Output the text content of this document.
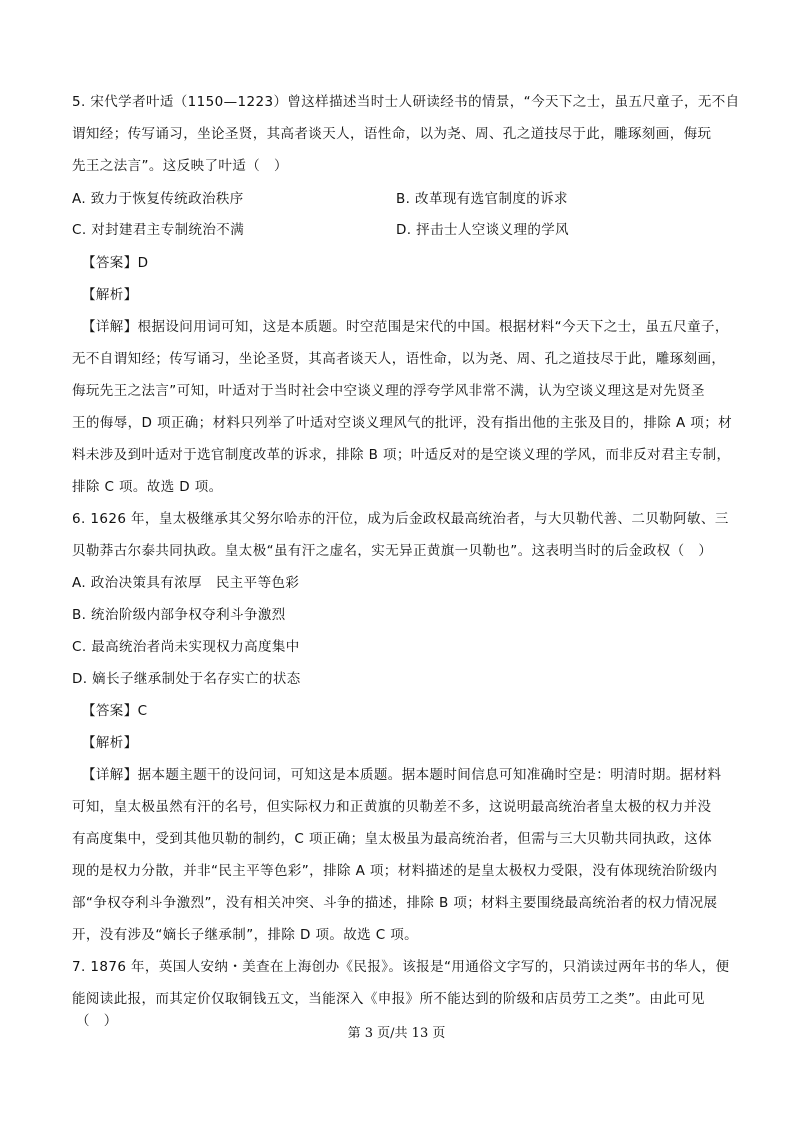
5. 宋代学者叶适（1150—1223）曾这样描述当时士人研读经书的情景，“今天下之士，虽五尺童子，无不自
谓知经；传写诵习，坐论圣贤，其高者谈天人，语性命，以为尧、周、孔之道技尽于此，雕琢刻画，侮玩
先王之法言”。这反映了叶适（　）
A. 致力于恢复传统政治秩序	B. 改革现有选官制度的诉求
C. 对封建君主专制统治不满	D. 抨击士人空谈义理的学风
【答案】D
【解析】
【详解】根据设问用词可知，这是本质题。时空范围是宋代的中国。根据材料“今天下之士，虽五尺童子，
无不自谓知经；传写诵习，坐论圣贤，其高者谈天人，语性命，以为尧、周、孔之道技尽于此，雕琢刻画，
侮玩先王之法言”可知，叶适对于当时社会中空谈义理的浮夸学风非常不满，认为空谈义理这是对先贤圣
王的侮辱，D 项正确；材料只列举了叶适对空谈义理风气的批评，没有指出他的主张及目的，排除 A 项；材
料未涉及到叶适对于选官制度改革的诉求，排除 B 项；叶适反对的是空谈义理的学风，而非反对君主专制，
排除 C 项。故选 D 项。
6. 1626 年，皇太极继承其父努尔哈赤的汗位，成为后金政权最高统治者，与大贝勒代善、二贝勒阿敏、三
贝勒莽古尔泰共同执政。皇太极“虽有汗之虚名，实无异正黄旗一贝勒也”。这表明当时的后金政权（　）
A. 政治决策具有浓厚　民主平等色彩
B. 统治阶级内部争权夺利斗争激烈
C. 最高统治者尚未实现权力高度集中
D. 嫡长子继承制处于名存实亡的状态
【答案】C
【解析】
【详解】据本题主题干的设问词，可知这是本质题。据本题时间信息可知准确时空是：明清时期。据材料
可知，皇太极虽然有汗的名号，但实际权力和正黄旗的贝勒差不多，这说明最高统治者皇太极的权力并没
有高度集中，受到其他贝勒的制约，C 项正确；皇太极虽为最高统治者，但需与三大贝勒共同执政，这体
现的是权力分散，并非“民主平等色彩”，排除 A 项；材料描述的是皇太极权力受限，没有体现统治阶级内
部“争权夺利斗争激烈”，没有相关冲突、斗争的描述，排除 B 项；材料主要围绕最高统治者的权力情况展
开，没有涉及“嫡长子继承制”，排除 D 项。故选 C 项。
7. 1876 年，英国人安纳・美查在上海创办《民报》。该报是“用通俗文字写的，只消读过两年书的华人，便
能阅读此报，而其定价仅取铜钱五文，当能深入《申报》所不能达到的阶级和店员劳工之类”。由此可见
（　）
第 3 页/共 13 页
